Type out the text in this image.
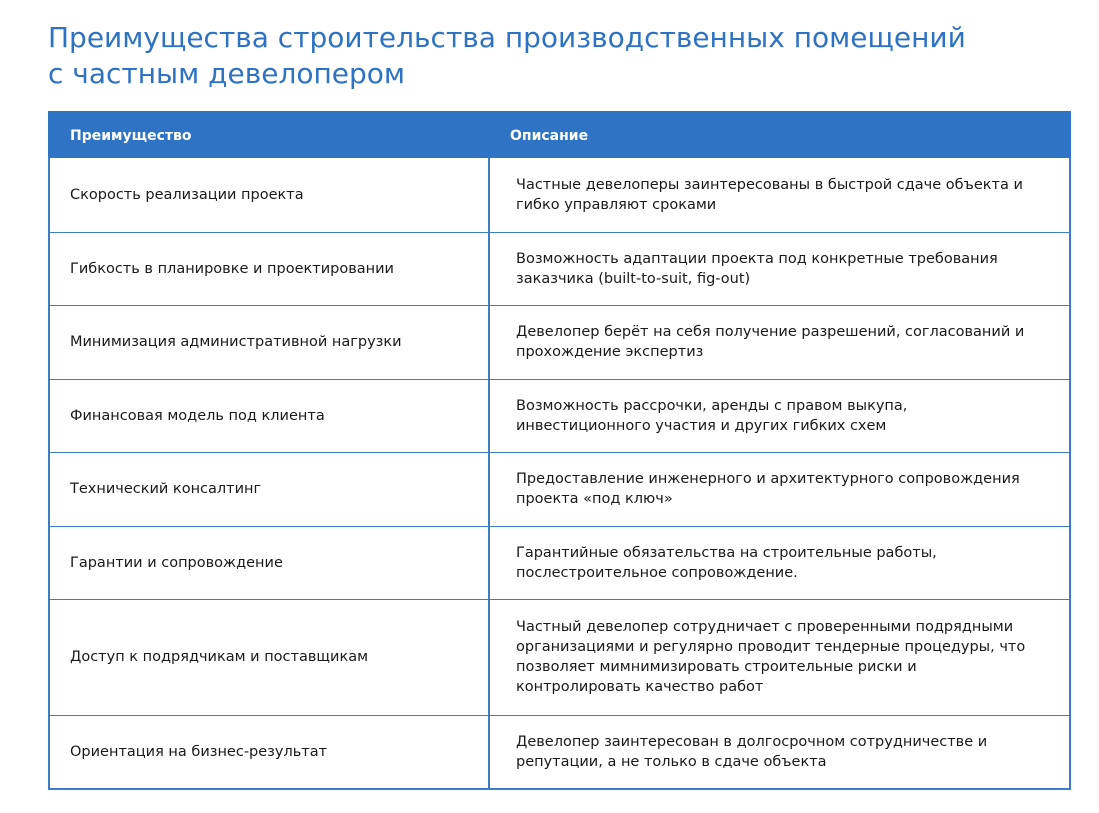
Преимущества строительства производственных помещений
с частным девелопером
Преимущество	Описание
Скорость реализации проекта	Частные девелоперы заинтересованы в быстрой сдаче объекта и гибко управляют сроками
Гибкость в планировке и проектировании	Возможность адаптации проекта под конкретные требования заказчика (built-to-suit, fig-out)
Минимизация административной нагрузки	Девелопер берёт на себя получение разрешений, согласований и прохождение экспертиз
Финансовая модель под клиента	Возможность рассрочки, аренды с правом выкупа, инвестиционного участия и других гибких схем
Технический консалтинг	Предоставление инженерного и архитектурного сопровождения проекта «под ключ»
Гарантии и сопровождение	Гарантийные обязательства на строительные работы, послестроительное сопровождение.
Доступ к подрядчикам и поставщикам	Частный девелопер сотрудничает с проверенными подрядными организациями и регулярно проводит тендерные процедуры, что позволяет мимнимизировать строительные риски и контролировать качество работ
Ориентация на бизнес-результат	Девелопер заинтересован в долгосрочном сотрудничестве и репутации, а не только в сдаче объекта
